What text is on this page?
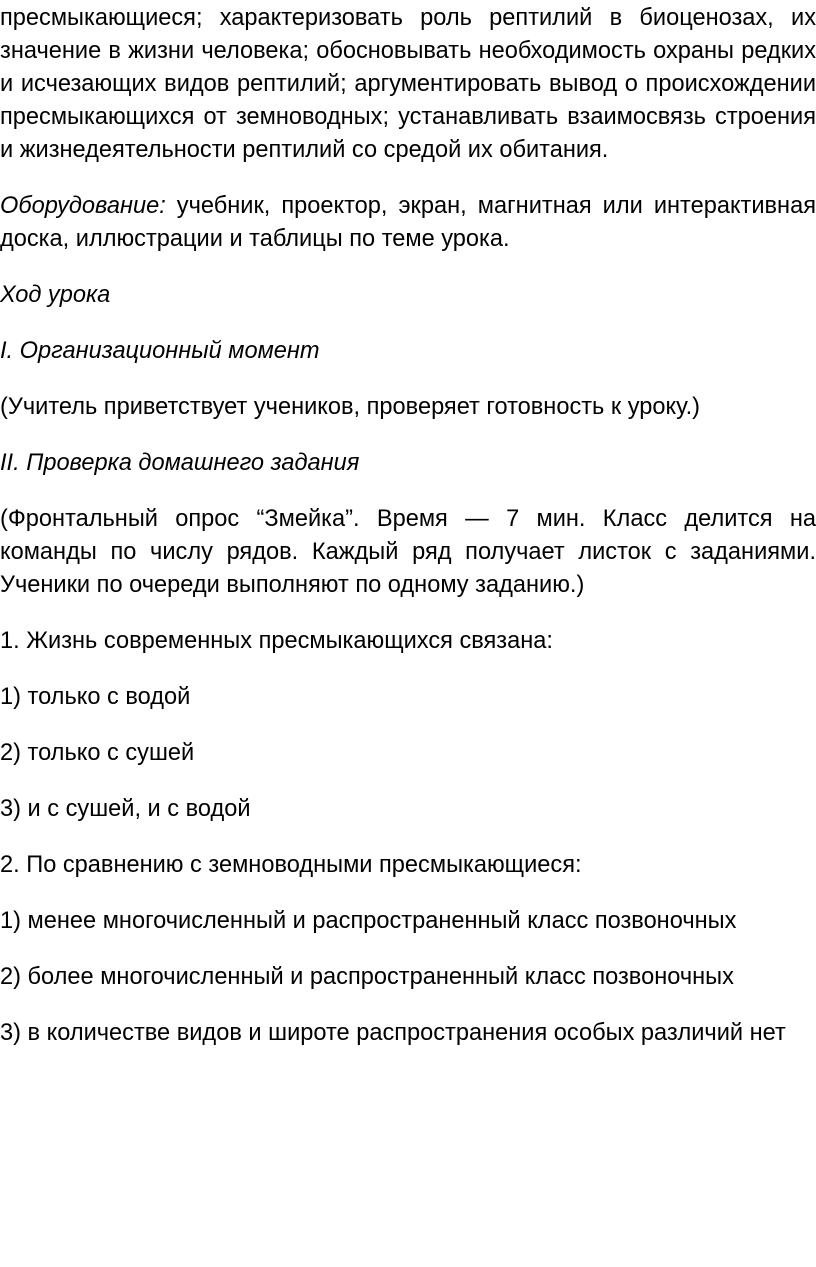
пресмыкающиеся; характеризовать роль рептилий в биоценозах, их значение в жизни человека; обосновывать необходимость охраны редких и исчезающих видов рептилий; аргументировать вывод о происхождении пресмыкающихся от земноводных; устанавливать взаимосвязь строения и жизнедеятельности рептилий со средой их обитания.

Оборудование: учебник, проектор, экран, магнитная или интерактивная доска, иллюстрации и таблицы по теме урока.

Ход урока

I. Организационный момент

(Учитель приветствует учеников, проверяет готовность к уроку.)

II. Проверка домашнего задания

(Фронтальный опрос “Змейка”. Время — 7 мин. Класс делится на команды по числу рядов. Каждый ряд получает листок с заданиями. Ученики по очереди выполняют по одному заданию.)

1. Жизнь современных пресмыкающихся связана:

1) только с водой

2) только с сушей

3) и с сушей, и с водой

2. По сравнению с земноводными пресмыкающиеся:

1) менее многочисленный и распространенный класс позвоночных

2) более многочисленный и распространенный класс позвоночных

3) в количестве видов и широте распространения особых различий нет
